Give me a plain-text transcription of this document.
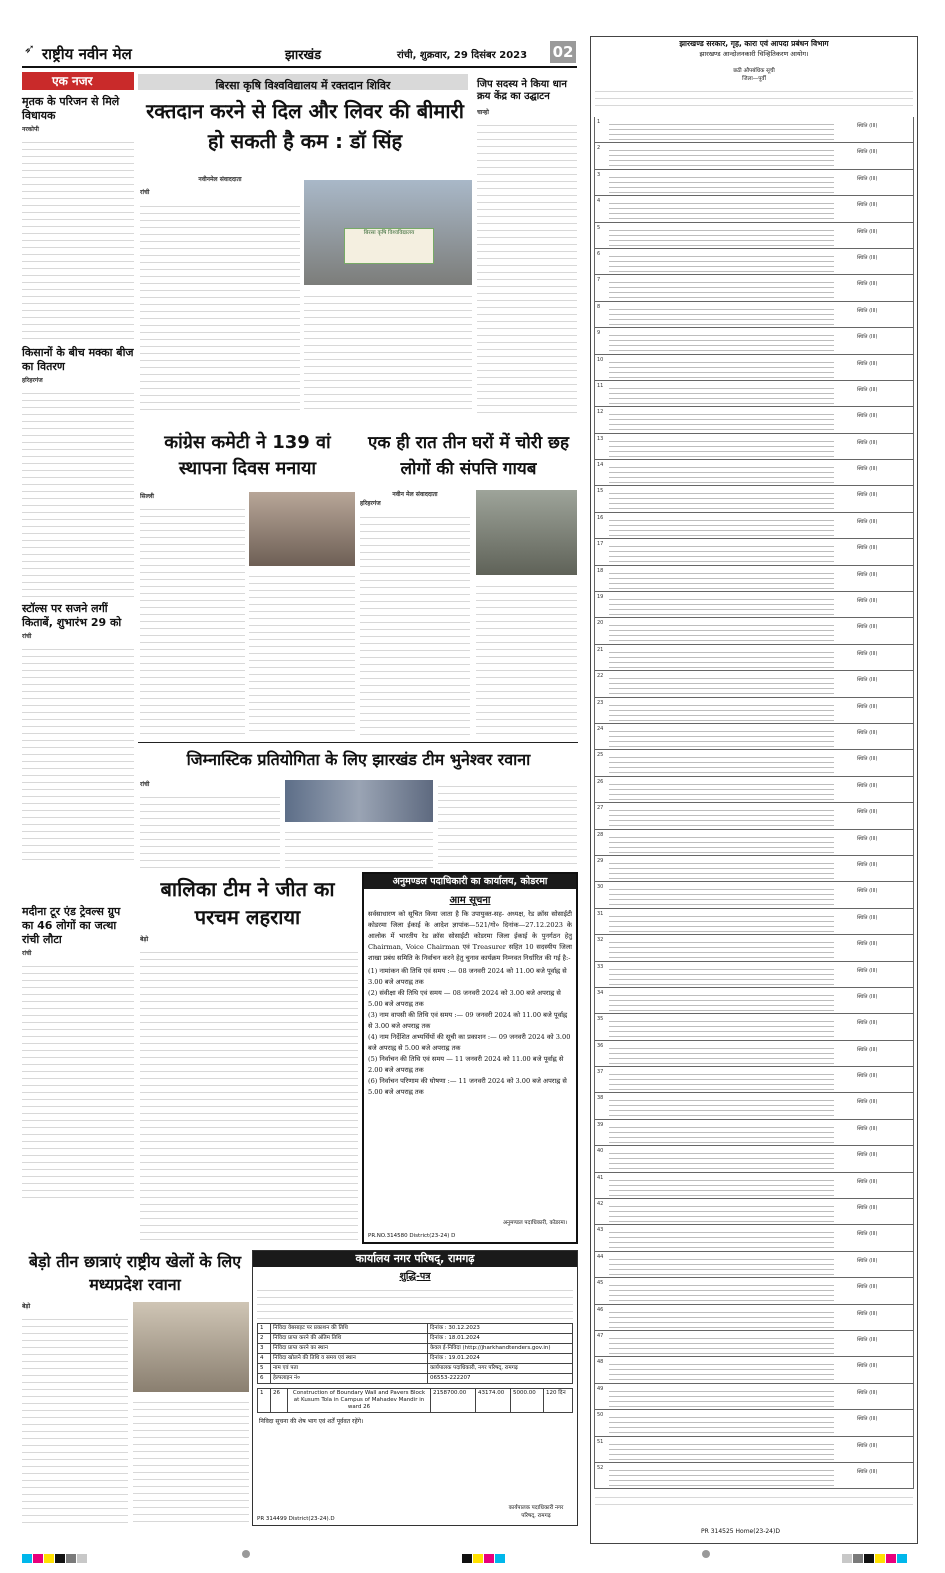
➶ राष्ट्रीय नवीन मेल	झारखंड	रांची, शुक्रवार, 29 दिसंबर 2023 02
एक नजर
मृतक के परिजन से मिले विधायक
नरकोपी
किसानों के बीच मक्का बीज का वितरण
हरिहरगंज
स्टॉल्स पर सजने लगीं किताबें, शुभारंभ 29 को
रांची
मदीना टूर एंड ट्रेवल्स ग्रुप का 46 लोगों का जत्था रांची लौटा
रांची
बिरसा कृषि विश्वविद्यालय में रक्तदान शिविर
रक्तदान करने से दिल और लिवर की बीमारी हो सकती है कम : डॉ सिंह
नवीनमेल संवाददाता
रांची
बिरसा कृषि विश्वविद्यालय
जिप सदस्य ने किया धान क्रय केंद्र का उद्घाटन
चान्हो
कांग्रेस कमेटी ने 139 वां स्थापना दिवस मनाया
सिल्ली
एक ही रात तीन घरों में चोरी छह लोगों की संपत्ति गायब
नवीन मेल संवाददाता
हरिहरगंज
जिम्नास्टिक प्रतियोगिता के लिए झारखंड टीम भुनेश्वर रवाना
रांची
बालिका टीम ने जीत का परचम लहराया
बेड़ो
अनुमण्डल पदाधिकारी का कार्यालय, कोडरमा
आम सूचना
सर्वसाधारण को सूचित किया जाता है कि उपायुक्त-सह- अध्यक्ष, रेड क्रॉस सोसाईटी कोडरमा जिला ईकाई के आदेश ज्ञापांक—521/गो० दिनांक—27.12.2023 के आलोक में भारतीय रेड क्रॉस सोसाईटी कोडरमा जिला ईकाई के पुनर्गठन हेतु Chairman, Voice Chairman एवं Treasurer सहित 10 सदस्यीय जिला शाखा प्रबंध समिति के निर्वाचन करने हेतु चुनाव कार्यक्रम निम्नवत निर्धारित की गई है:-

(1) नामांकन की तिथि एवं समय :— 08 जनवरी 2024 को 11.00 बजे पूर्वाह्न से 3.00 बजे अपराह्न तक

(2) संवीक्षा की तिथि एवं समय — 08 जनवरी 2024 को 3.00 बजे अपराह्न से 5.00 बजे अपराह्न तक

(3) नाम वापसी की तिथि एवं समय :— 09 जनवरी 2024 को 11.00 बजे पूर्वाह्न से 3.00 बजे अपराह्न तक

(4) नाम निर्देशित अभ्यर्थियों की सूची का प्रकाशन :— 09 जनवरी 2024 को 3.00 बजे अपराह्न से 5.00 बजे अपराह्न तक

(5) निर्वाचन की तिथि एवं समय — 11 जनवरी 2024 को 11.00 बजे पूर्वाह्न से 2.00 बजे अपराह्न तक

(6) निर्वाचन परिणाम की घोषणा :— 11 जनवरी 2024 को 3.00 बजे अपराह्न से 5.00 बजे अपराह्न तक

अनुमण्डल पदाधिकारी, कोडरमा।
PR.NO.314580 District(23-24) D
बेड़ो तीन छात्राएं राष्ट्रीय खेलों के लिए मध्यप्रदेश रवाना
बेड़ो
कार्यालय नगर परिषद्, रामगढ़
शुद्धि-पत्र
1	निविदा वेबसाइट पर प्रकाशन की तिथि	दिनांक : 30.12.2023
2	निविदा प्राप्त करने की अंतिम तिथि	दिनांक : 18.01.2024
3	निविदा प्राप्त करने का स्थान	केवल ई-निविदा (http://jharkhandtenders.gov.in)
4	निविदा खोलने की तिथि व समय एवं स्थान	दिनांक : 19.01.2024
5	नाम एवं पता	कार्यपालक पदाधिकारी, नगर परिषद्, रामगढ़
6	हेल्पलाइन नं०	06553-222207
1	26	Construction of Boundary Wall and Pavers Block at Kusum Tola in Campus of Mahadev Mandir in ward 26	2158700.00	43174.00	5000.00	120 दिन
निविदा सूचना की शेष भाग एवं शर्तें पूर्ववत रहेंगे।
कार्यपालक पदाधिकारी नगर परिषद्, रामगढ़
PR 314499 District(23-24).D
झारखण्ड सरकार, गृह, कारा एवं आपदा प्रबंधन विभाग
झारखण्ड आन्दोलनकारी चिन्हितिकरण आयोग।
छठी औपबंधिक सूची
जिला—पूर्वी
1
स्थिति (III)
2
स्थिति (III)
3
स्थिति (III)
4
स्थिति (III)
5
स्थिति (III)
6
स्थिति (III)
7
स्थिति (III)
8
स्थिति (III)
9
स्थिति (III)
10
स्थिति (III)
11
स्थिति (III)
12
स्थिति (III)
13
स्थिति (III)
14
स्थिति (III)
15
स्थिति (III)
16
स्थिति (III)
17
स्थिति (III)
18
स्थिति (III)
19
स्थिति (III)
20
स्थिति (III)
21
स्थिति (III)
22
स्थिति (III)
23
स्थिति (III)
24
स्थिति (III)
25
स्थिति (III)
26
स्थिति (III)
27
स्थिति (III)
28
स्थिति (III)
29
स्थिति (III)
30
स्थिति (III)
31
स्थिति (III)
32
स्थिति (III)
33
स्थिति (III)
34
स्थिति (III)
35
स्थिति (III)
36
स्थिति (III)
37
स्थिति (III)
38
स्थिति (III)
39
स्थिति (III)
40
स्थिति (III)
41
स्थिति (III)
42
स्थिति (III)
43
स्थिति (III)
44
स्थिति (III)
45
स्थिति (III)
46
स्थिति (III)
47
स्थिति (III)
48
स्थिति (III)
49
स्थिति (III)
50
स्थिति (III)
51
स्थिति (III)
52
स्थिति (III)
PR 314525 Home(23-24)D
